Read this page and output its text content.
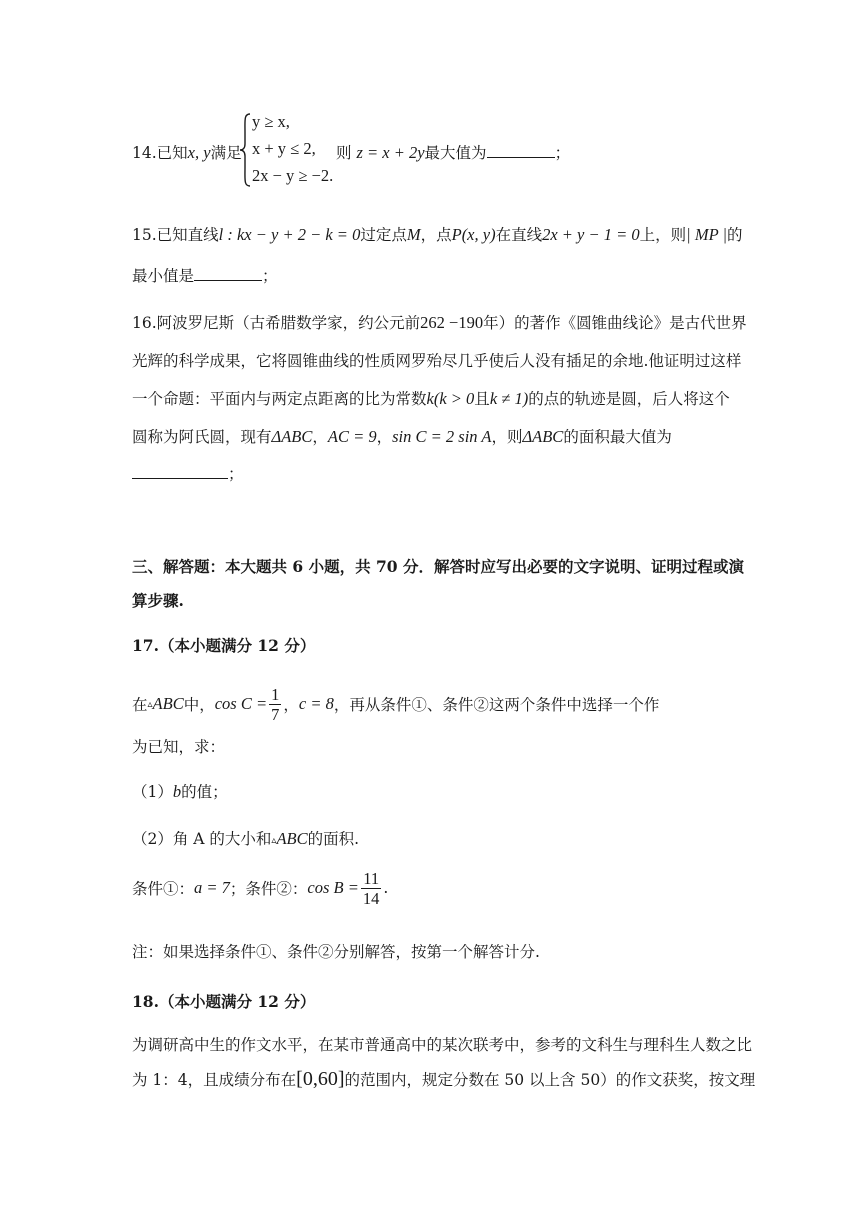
14.已知x, y满足
y ≥ x,
x + y ≤ 2,
2x − y ≥ −2.
则 z = x + 2y最大值为	；
15.已知直线l : kx − y + 2 − k = 0过定点M，点P(x, y)在直线2x + y − 1 = 0上，则| MP |的
最小值是	；
16.阿波罗尼斯（古希腊数学家，约公元前262 −190年）的著作《圆锥曲线论》是古代世界
光辉的科学成果，它将圆锥曲线的性质网罗殆尽几乎使后人没有插足的余地.他证明过这样
一个命题：平面内与两定点距离的比为常数k(k > 0且k ≠ 1)的点的轨迹是圆，后人将这个
圆称为阿氏圆，现有ΔABC，AC = 9，sin C = 2 sin A，则ΔABC的面积最大值为
；
三、解答题：本大题共 6 小题，共 70 分．解答时应写出必要的文字说明、证明过程或演
算步骤.
17.（本小题满分 12 分）
在 ▵ ABC 中， $\cos C = \frac{1}{7}$ ， c = 8 ，再从条件①、条件②这两个条件中选择一个作
为已知，求：
（1）b的值；
（2）角 A 的大小和▵ABC的面积.
条件①： a = 7 ；条件②： $\cos B = \frac{11}{14}$ .
注：如果选择条件①、条件②分别解答，按第一个解答计分.
18.（本小题满分 12 分）
为调研高中生的作文水平，在某市普通高中的某次联考中，参考的文科生与理科生人数之比
为 1：4，且成绩分布在[0,60]的范围内，规定分数在 50 以上含 50）的作文获奖，按文理
